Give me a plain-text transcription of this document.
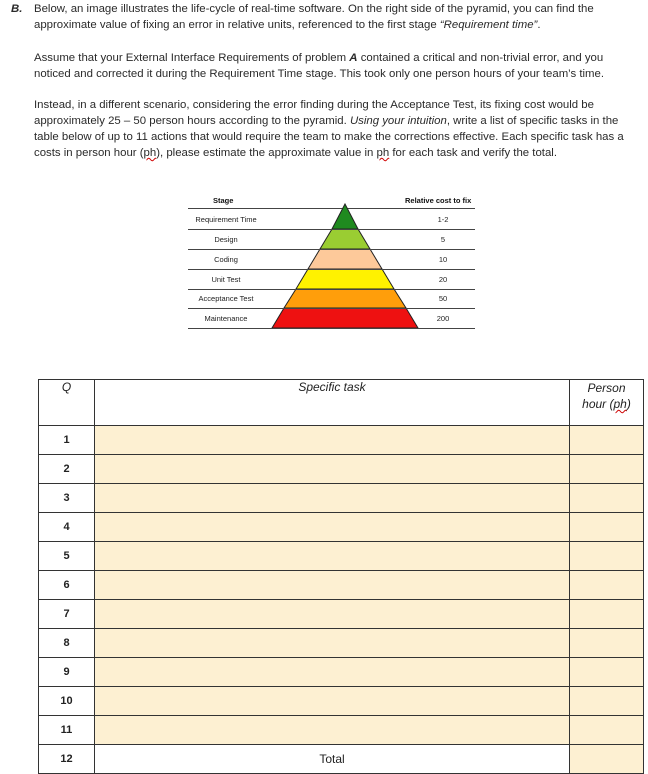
B. Below, an image illustrates the life-cycle of real-time software. On the right side of the pyramid, you can find the approximate value of fixing an error in relative units, referenced to the first stage “Requirement time”.
Assume that your External Interface Requirements of problem A contained a critical and non-trivial error, and you noticed and corrected it during the Requirement Time stage. This took only one person hours of your team’s time.
Instead, in a different scenario, considering the error finding during the Acceptance Test, its fixing cost would be approximately 25 – 50 person hours according to the pyramid. Using your intuition, write a list of specific tasks in the table below of up to 11 actions that would require the team to make the corrections effective. Each specific task has a costs in person hour (ph), please estimate the approximate value in ph for each task and verify the total.
Stage	Relative cost to fix
Requirement Time	1-2
Design	5
Coding	10
Unit Test	20
Acceptance Test	50
Maintenance	200
Q	Specific task	Person
hour (ph)
1		
2		
3		
4		
5		
6		
7		
8		
9		
10		
11		
12	Total	
